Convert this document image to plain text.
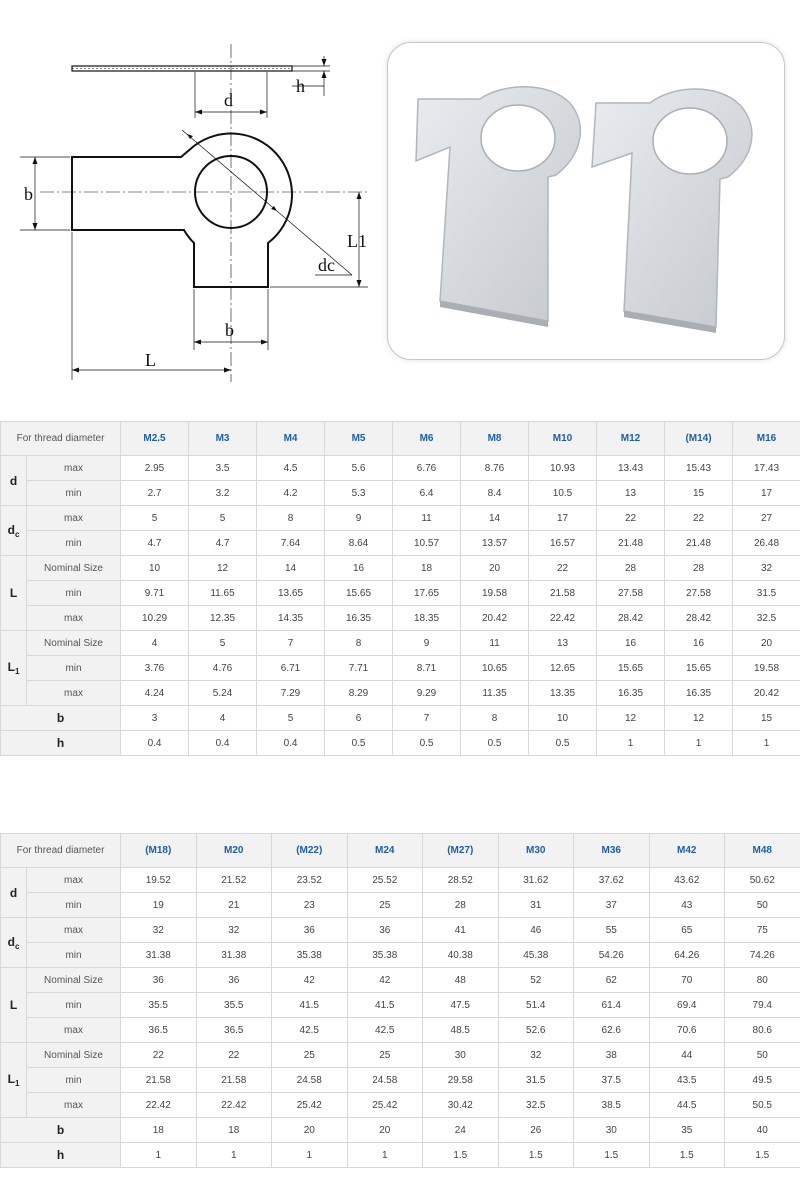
h
d
b
L1
dc
b
L
For thread diameter		M2.5	M3	M4	M5	M6	M8	M10	M12	(M14)	M16
d	max	2.95	3.5	4.5	5.6	6.76	8.76	10.93	13.43	15.43	17.43
	min	2.7	3.2	4.2	5.3	6.4	8.4	10.5	13	15	17
$d_c$	max	5	5	8	9	11	14	17	22	22	27
	min	4.7	4.7	7.64	8.64	10.57	13.57	16.57	21.48	21.48	26.48
L	Nominal Size	10	12	14	16	18	20	22	28	28	32
	min	9.71	11.65	13.65	15.65	17.65	19.58	21.58	27.58	27.58	31.5
	max	10.29	12.35	14.35	16.35	18.35	20.42	22.42	28.42	28.42	32.5
$L_1$	Nominal Size	4	5	7	8	9	11	13	16	16	20
	min	3.76	4.76	6.71	7.71	8.71	10.65	12.65	15.65	15.65	19.58
	max	4.24	5.24	7.29	8.29	9.29	11.35	13.35	16.35	16.35	20.42
b		3	4	5	6	7	8	10	12	12	15
h		0.4	0.4	0.4	0.5	0.5	0.5	0.5	1	1	1
For thread diameter		(M18)	M20	(M22)	M24	(M27)	M30	M36	M42	M48
d	max	19.52	21.52	23.52	25.52	28.52	31.62	37.62	43.62	50.62
	min	19	21	23	25	28	31	37	43	50
$d_c$	max	32	32	36	36	41	46	55	65	75
	min	31.38	31.38	35.38	35.38	40.38	45.38	54.26	64.26	74.26
L	Nominal Size	36	36	42	42	48	52	62	70	80
	min	35.5	35.5	41.5	41.5	47.5	51.4	61.4	69.4	79.4
	max	36.5	36.5	42.5	42.5	48.5	52.6	62.6	70.6	80.6
$L_1$	Nominal Size	22	22	25	25	30	32	38	44	50
	min	21.58	21.58	24.58	24.58	29.58	31.5	37.5	43.5	49.5
	max	22.42	22.42	25.42	25.42	30.42	32.5	38.5	44.5	50.5
b		18	18	20	20	24	26	30	35	40
h		1	1	1	1	1.5	1.5	1.5	1.5	1.5
